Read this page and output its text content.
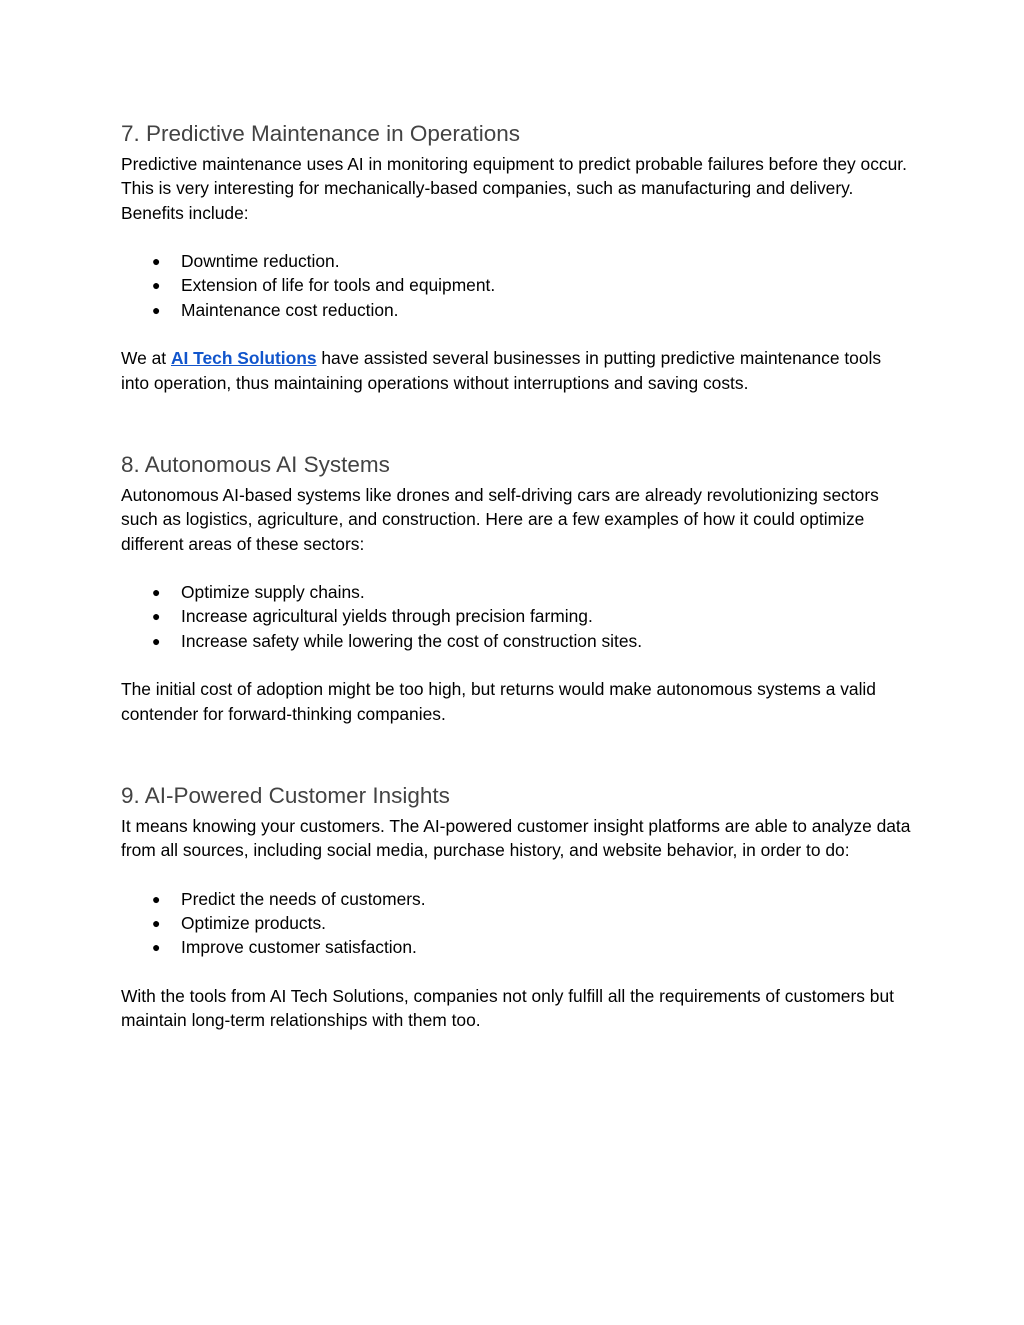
7. Predictive Maintenance in Operations

Predictive maintenance uses AI in monitoring equipment to predict probable failures before they occur. This is very interesting for mechanically-based companies, such as manufacturing and delivery. Benefits include:

● Downtime reduction.
● Extension of life for tools and equipment.
● Maintenance cost reduction.

We at AI Tech Solutions have assisted several businesses in putting predictive maintenance tools into operation, thus maintaining operations without interruptions and saving costs.

8. Autonomous AI Systems

Autonomous AI-based systems like drones and self-driving cars are already revolutionizing sectors such as logistics, agriculture, and construction. Here are a few examples of how it could optimize different areas of these sectors:

● Optimize supply chains.
● Increase agricultural yields through precision farming.
● Increase safety while lowering the cost of construction sites.

The initial cost of adoption might be too high, but returns would make autonomous systems a valid contender for forward-thinking companies.

9. AI-Powered Customer Insights

It means knowing your customers. The AI-powered customer insight platforms are able to analyze data from all sources, including social media, purchase history, and website behavior, in order to do:

● Predict the needs of customers.
● Optimize products.
● Improve customer satisfaction.

With the tools from AI Tech Solutions, companies not only fulfill all the requirements of customers but maintain long-term relationships with them too.
